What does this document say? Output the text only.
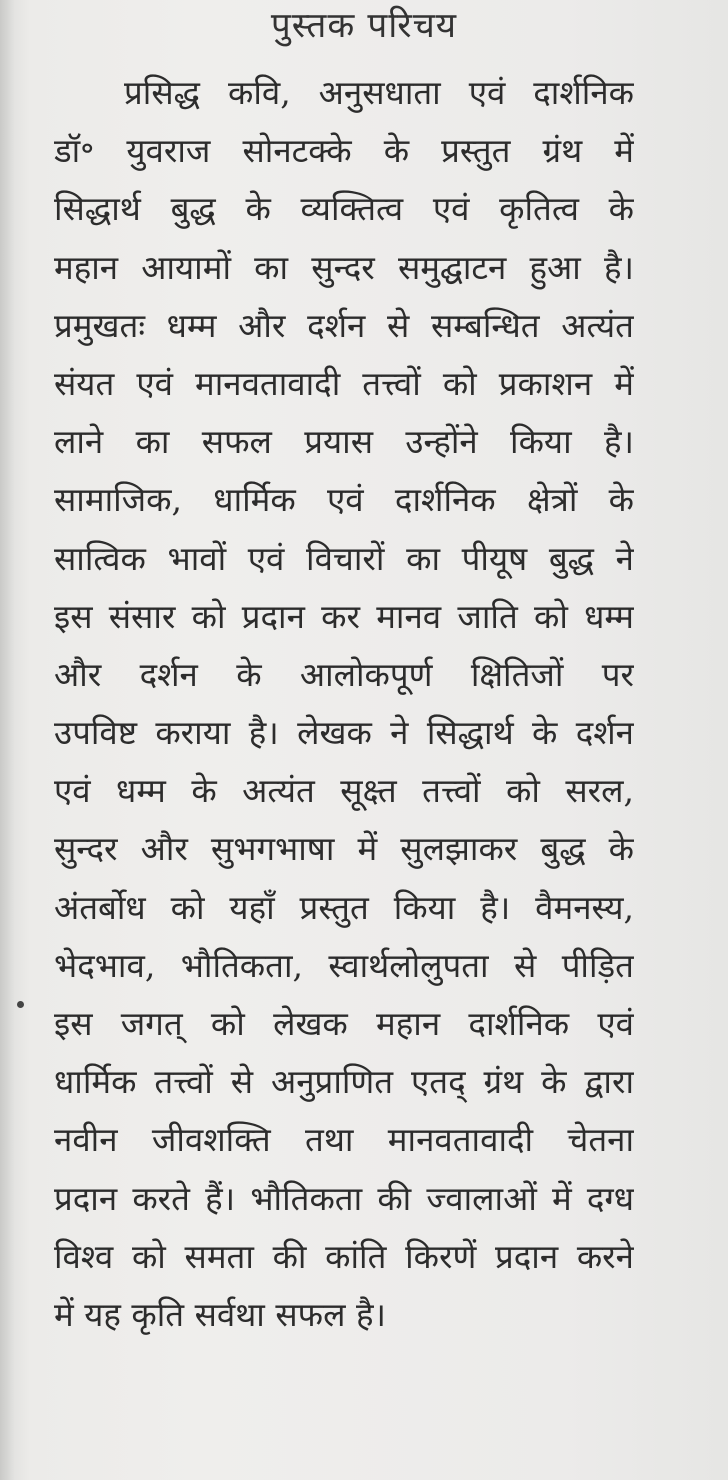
पुस्तक परिचय
प्रसिद्ध कवि, अनुसधाता एवं दार्शनिक
डॉ॰ युवराज सोनटक्के के प्रस्तुत ग्रंथ में
सिद्धार्थ बुद्ध के व्यक्तित्व एवं कृतित्व के
महान आयामों का सुन्दर समुद्घाटन हुआ है।
प्रमुखतः धम्म और दर्शन से सम्बन्धित अत्यंत
संयत एवं मानवतावादी तत्त्वों को प्रकाशन में
लाने का सफल प्रयास उन्होंने किया है।
सामाजिक, धार्मिक एवं दार्शनिक क्षेत्रों के
सात्विक भावों एवं विचारों का पीयूष बुद्ध ने
इस संसार को प्रदान कर मानव जाति को धम्म
और दर्शन के आलोकपूर्ण क्षितिजों पर
उपविष्ट कराया है। लेखक ने सिद्धार्थ के दर्शन
एवं धम्म के अत्यंत सूक्ष्त तत्त्वों को सरल,
सुन्दर और सुभगभाषा में सुलझाकर बुद्ध के
अंतर्बोध को यहाँ प्रस्तुत किया है। वैमनस्य,
भेदभाव, भौतिकता, स्वार्थलोलुपता से पीड़ित
इस जगत् को लेखक महान दार्शनिक एवं
धार्मिक तत्त्वों से अनुप्राणित एतद् ग्रंथ के द्वारा
नवीन जीवशक्ति तथा मानवतावादी चेतना
प्रदान करते हैं। भौतिकता की ज्वालाओं में दग्ध
विश्व को समता की कांति किरणें प्रदान करने
में यह कृति सर्वथा सफल है।
